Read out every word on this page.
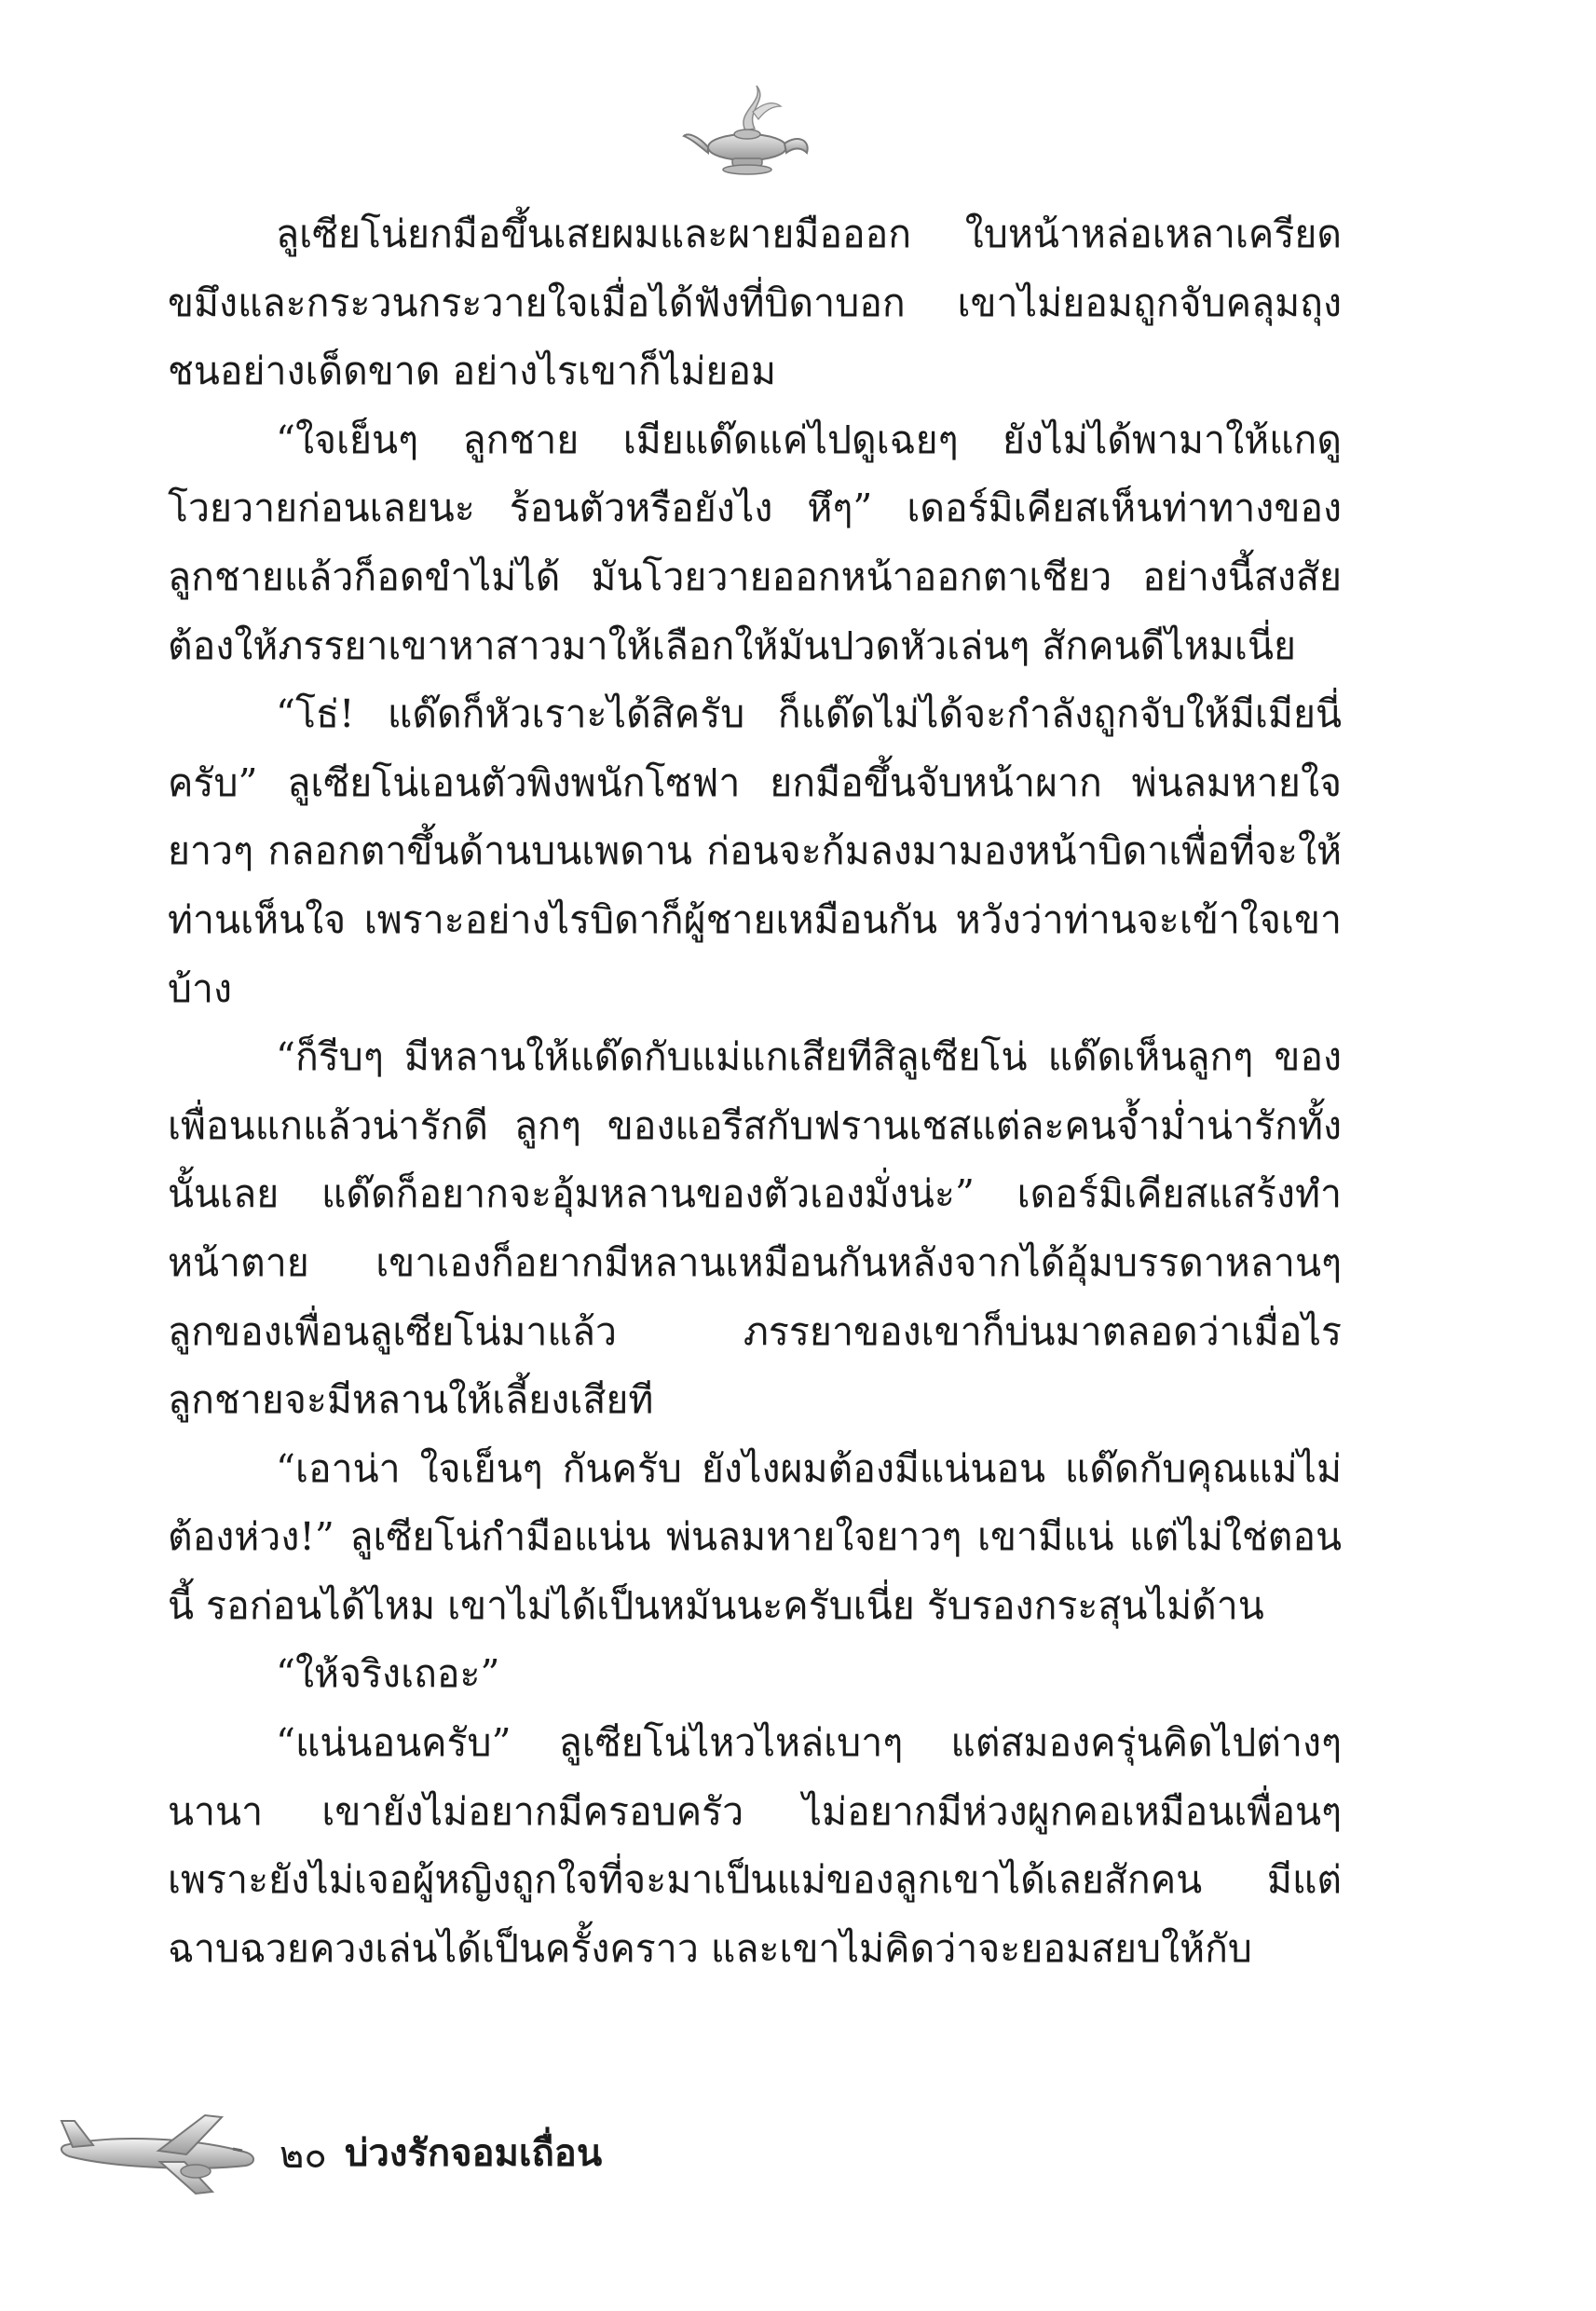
ลูเซียโน่ยกมือขึ้นเสยผมและผายมือออก ใบหน้าหล่อเหลาเครียดขมึงและกระวนกระวายใจเมื่อได้ฟังที่บิดาบอก เขาไม่ยอมถูกจับคลุมถุงชนอย่างเด็ดขาด อย่างไรเขาก็ไม่ยอม

“ใจเย็นๆ ลูกชาย เมียแด๊ดแค่ไปดูเฉยๆ ยังไม่ได้พามาให้แกดูโวยวายก่อนเลยนะ ร้อนตัวหรือยังไง หึๆ” เดอร์มิเคียสเห็นท่าทางของลูกชายแล้วก็อดขำไม่ได้ มันโวยวายออกหน้าออกตาเชียว อย่างนี้สงสัยต้องให้ภรรยาเขาหาสาวมาให้เลือกให้มันปวดหัวเล่นๆ สักคนดีไหมเนี่ย

“โธ่! แด๊ดก็หัวเราะได้สิครับ ก็แด๊ดไม่ได้จะกำลังถูกจับให้มีเมียนี่ครับ” ลูเซียโน่เอนตัวพิงพนักโซฟา ยกมือขึ้นจับหน้าผาก พ่นลมหายใจยาวๆ กลอกตาขึ้นด้านบนเพดาน ก่อนจะก้มลงมามองหน้าบิดาเพื่อที่จะให้ท่านเห็นใจ เพราะอย่างไรบิดาก็ผู้ชายเหมือนกัน หวังว่าท่านจะเข้าใจเขาบ้าง

“ก็รีบๆ มีหลานให้แด๊ดกับแม่แกเสียทีสิลูเซียโน่ แด๊ดเห็นลูกๆ ของเพื่อนแกแล้วน่ารักดี ลูกๆ ของแอรีสกับฟรานเชสแต่ละคนจ้ำม่ำน่ารักทั้งนั้นเลย แด๊ดก็อยากจะอุ้มหลานของตัวเองมั่งน่ะ” เดอร์มิเคียสแสร้งทำหน้าตาย เขาเองก็อยากมีหลานเหมือนกันหลังจากได้อุ้มบรรดาหลานๆ ลูกของเพื่อนลูเซียโน่มาแล้ว ภรรยาของเขาก็บ่นมาตลอดว่าเมื่อไรลูกชายจะมีหลานให้เลี้ยงเสียที

“เอาน่า ใจเย็นๆ กันครับ ยังไงผมต้องมีแน่นอน แด๊ดกับคุณแม่ไม่ต้องห่วง!” ลูเซียโน่กำมือแน่น พ่นลมหายใจยาวๆ เขามีแน่ แต่ไม่ใช่ตอนนี้ รอก่อนได้ไหม เขาไม่ได้เป็นหมันนะครับเนี่ย รับรองกระสุนไม่ด้าน

“ให้จริงเถอะ”

“แน่นอนครับ” ลูเซียโน่ไหวไหล่เบาๆ แต่สมองครุ่นคิดไปต่างๆ นานา เขายังไม่อยากมีครอบครัว ไม่อยากมีห่วงผูกคอเหมือนเพื่อนๆ เพราะยังไม่เจอผู้หญิงถูกใจที่จะมาเป็นแม่ของลูกเขาได้เลยสักคน มีแต่ฉาบฉวยควงเล่นได้เป็นครั้งคราว และเขาไม่คิดว่าจะยอมสยบให้กับ

๒๐ บ่วงรักจอมเถื่อน
